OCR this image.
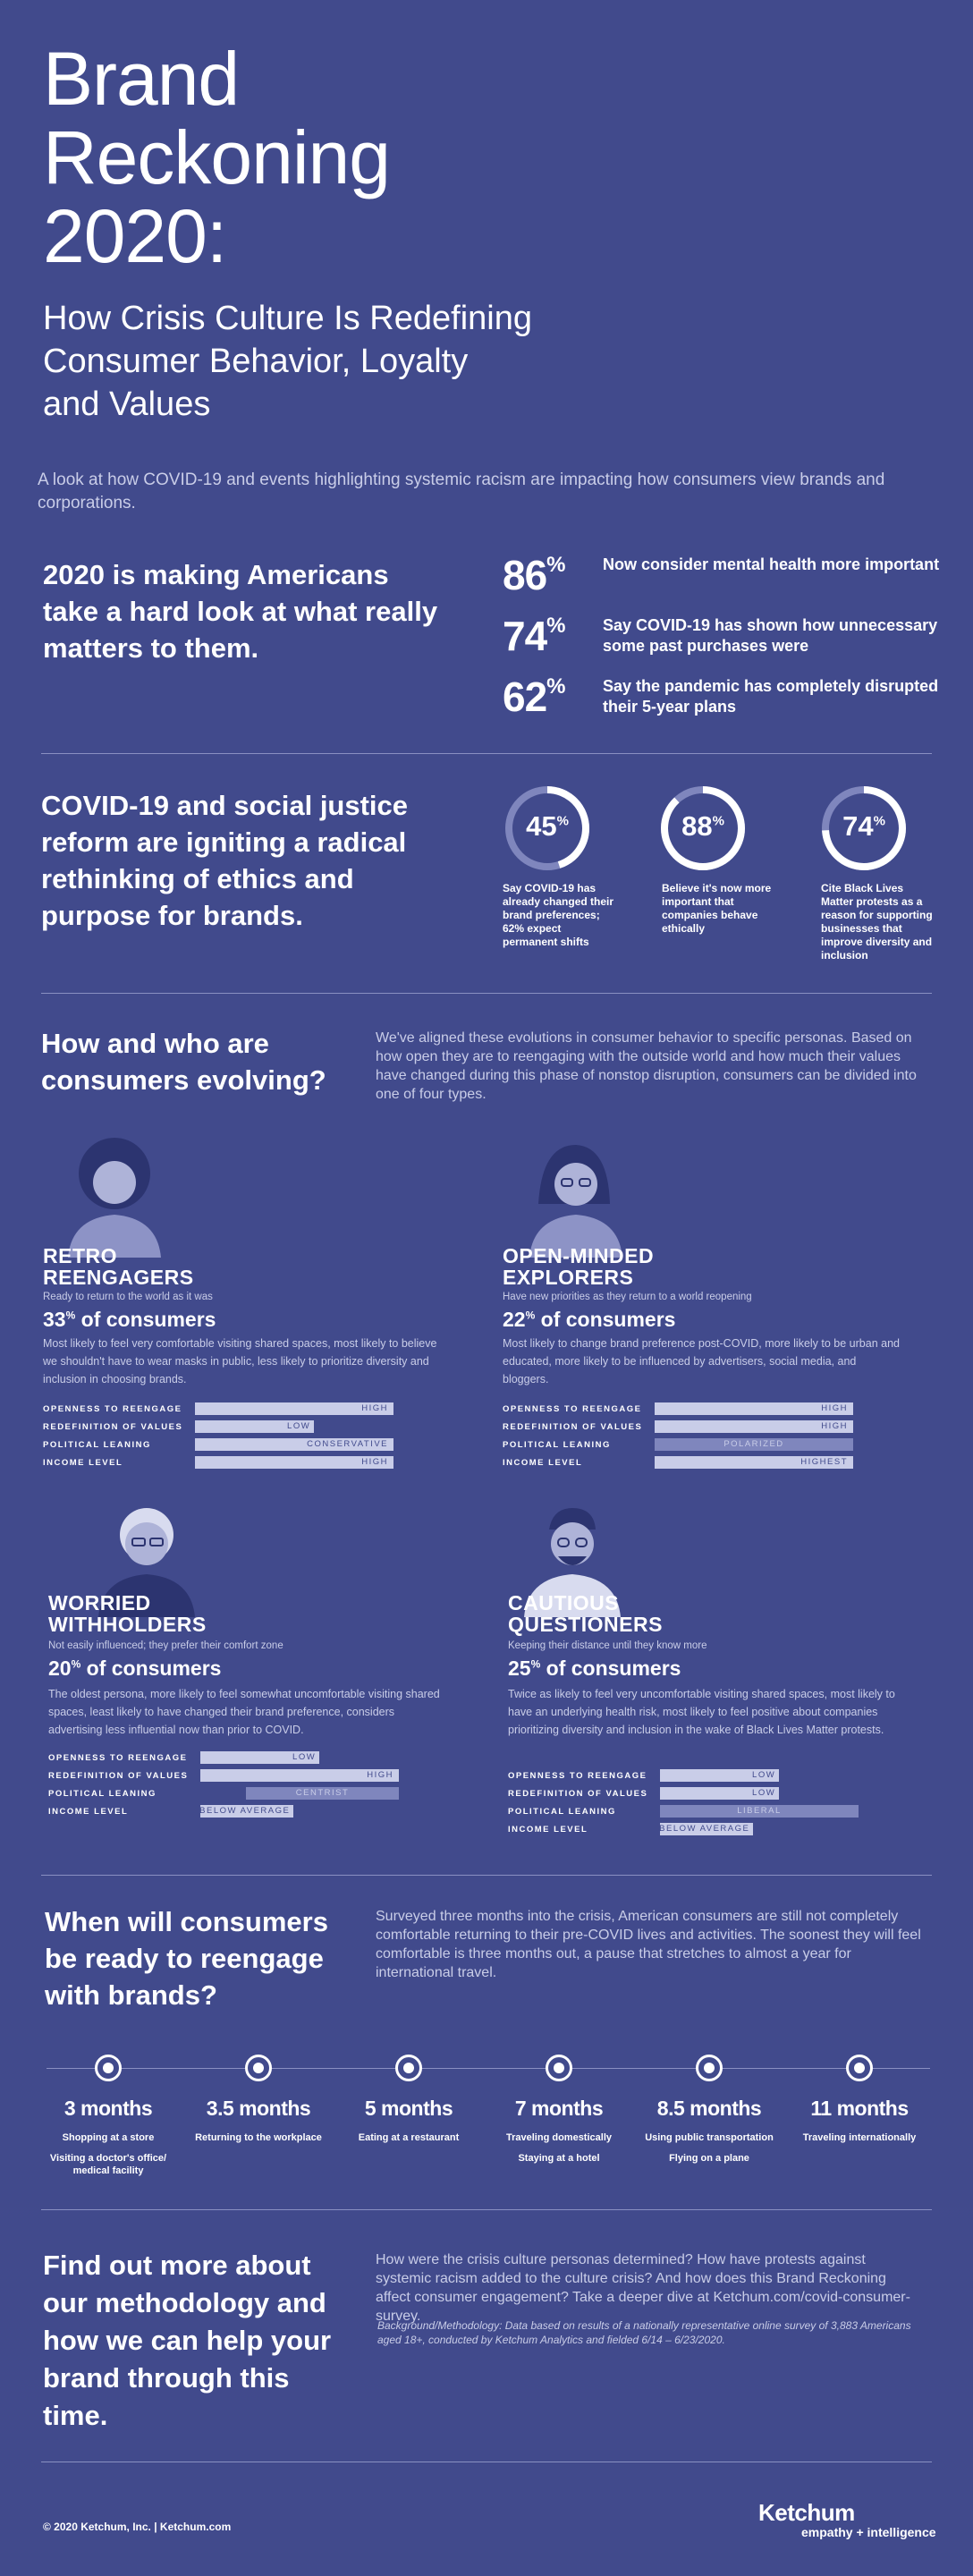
Brand
Reckoning
2020:
How Crisis Culture Is Redefining
Consumer Behavior, Loyalty
and Values
A look at how COVID-19 and events highlighting systemic racism are impacting how consumers view brands and corporations.
2020 is making Americans take a hard look at what really matters to them.
86% Now consider mental health more important
74% Say COVID-19 has shown how unnecessary some past purchases were
62% Say the pandemic has completely disrupted their 5-year plans
COVID-19 and social justice reform are igniting a radical rethinking of ethics and purpose for brands.
45%
Say COVID-19 has already changed their brand preferences; 62% expect permanent shifts
88%
Believe it's now more important that companies behave ethically
74%
Cite Black Lives Matter protests as a reason for supporting businesses that improve diversity and inclusion
How and who are consumers evolving?
We've aligned these evolutions in consumer behavior to specific personas. Based on how open they are to reengaging with the outside world and how much their values have changed during this phase of nonstop disruption, consumers can be divided into one of four types.
RETRO
REENGAGERS
Ready to return to the world as it was
33% of consumers
Most likely to feel very comfortable visiting shared spaces, most likely to believe we shouldn't have to wear masks in public, less likely to prioritize diversity and inclusion in choosing brands.
OPENNESS TO REENGAGE	HIGH
REDEFINITION OF VALUES	LOW
POLITICAL LEANING	CONSERVATIVE
INCOME LEVEL	HIGH
OPEN-MINDED
EXPLORERS
Have new priorities as they return to a world reopening
22% of consumers
Most likely to change brand preference post-COVID, more likely to be urban and educated, more likely to be influenced by advertisers, social media, and bloggers.
OPENNESS TO REENGAGE	HIGH
REDEFINITION OF VALUES	HIGH
POLITICAL LEANING	POLARIZED
INCOME LEVEL	HIGHEST
WORRIED
WITHHOLDERS
Not easily influenced; they prefer their comfort zone
20% of consumers
The oldest persona, more likely to feel somewhat uncomfortable visiting shared spaces, least likely to have changed their brand preference, considers advertising less influential now than prior to COVID.
OPENNESS TO REENGAGE	LOW
REDEFINITION OF VALUES	HIGH
POLITICAL LEANING	CENTRIST
INCOME LEVEL	BELOW AVERAGE
CAUTIOUS
QUESTIONERS
Keeping their distance until they know more
25% of consumers
Twice as likely to feel very uncomfortable visiting shared spaces, most likely to have an underlying health risk, most likely to feel positive about companies prioritizing diversity and inclusion in the wake of Black Lives Matter protests.
OPENNESS TO REENGAGE	LOW
REDEFINITION OF VALUES	LOW
POLITICAL LEANING	LIBERAL
INCOME LEVEL	BELOW AVERAGE
When will consumers be ready to reengage with brands?
Surveyed three months into the crisis, American consumers are still not completely comfortable returning to their pre-COVID lives and activities. The soonest they will feel comfortable is three months out, a pause that stretches to almost a year for international travel.
3 months
Shopping at a store
Visiting a doctor's office/ medical facility
3.5 months
Returning to the workplace
5 months
Eating at a restaurant
7 months
Traveling domestically
Staying at a hotel
8.5 months
Using public transportation
Flying on a plane
11 months
Traveling internationally
Find out more about our methodology and how we can help your brand through this time.
How were the crisis culture personas determined? How have protests against systemic racism added to the culture crisis? And how does this Brand Reckoning affect consumer engagement? Take a deeper dive at Ketchum.com/covid-consumer-survey.
Background/Methodology: Data based on results of a nationally representative online survey of 3,883 Americans aged 18+, conducted by Ketchum Analytics and fielded 6/14 – 6/23/2020.
© 2020 Ketchum, Inc. | Ketchum.com
Ketchum
empathy + intelligence
